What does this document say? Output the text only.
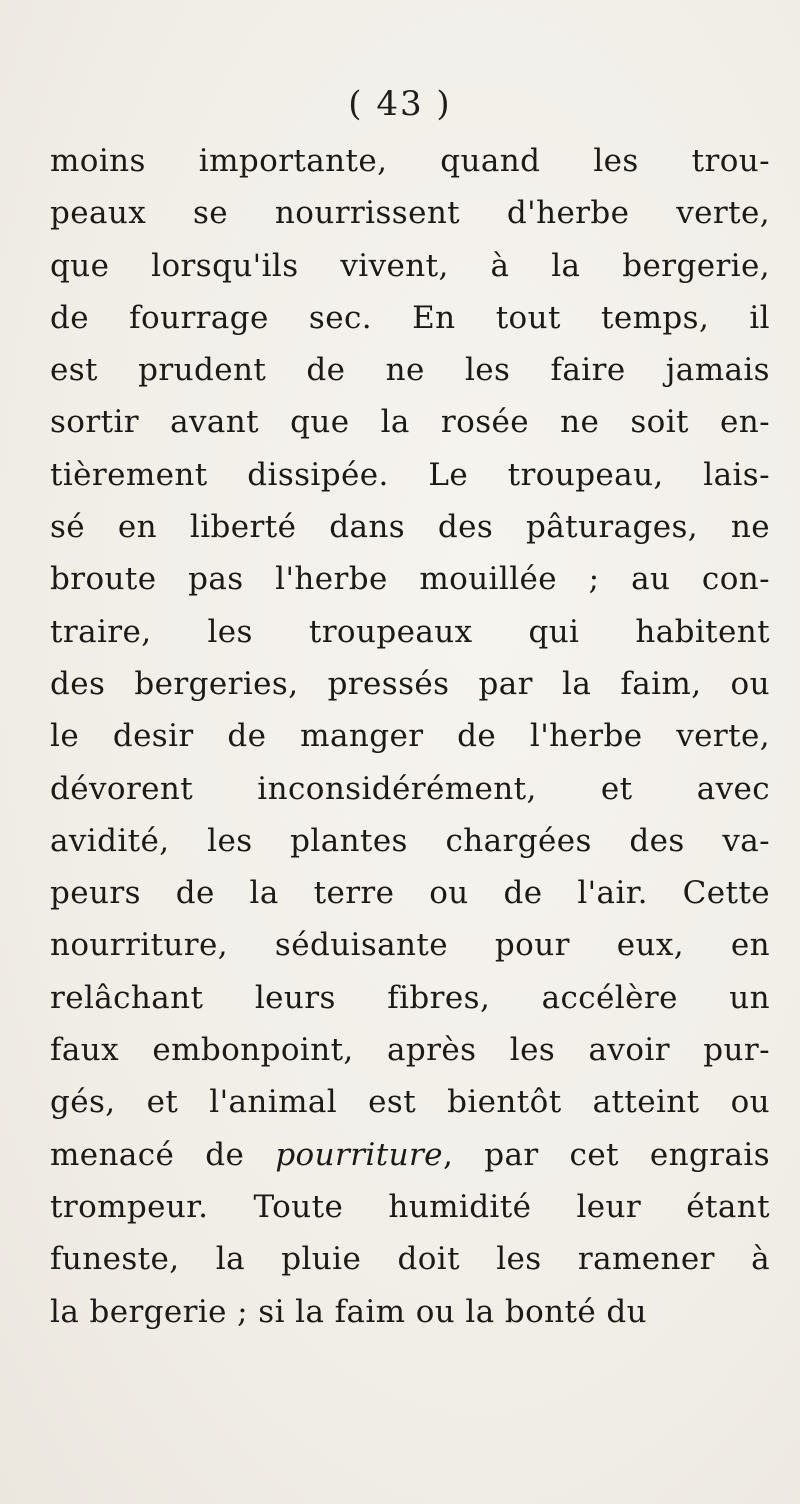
( 43 )
moins importante, quand les trou-
peaux se nourrissent d'herbe verte,
que lorsqu'ils vivent, à la bergerie,
de fourrage sec. En tout temps, il
est prudent de ne les faire jamais
sortir avant que la rosée ne soit en-
tièrement dissipée. Le troupeau, lais-
sé en liberté dans des pâturages, ne
broute pas l'herbe mouillée ; au con-
traire, les troupeaux qui habitent
des bergeries, pressés par la faim, ou
le desir de manger de l'herbe verte,
dévorent inconsidérément, et avec
avidité, les plantes chargées des va-
peurs de la terre ou de l'air. Cette
nourriture, séduisante pour eux, en
relâchant leurs fibres, accélère un
faux embonpoint, après les avoir pur-
gés, et l'animal est bientôt atteint ou
menacé de pourriture, par cet engrais
trompeur. Toute humidité leur étant
funeste, la pluie doit les ramener à
la bergerie ; si la faim ou la bonté du
